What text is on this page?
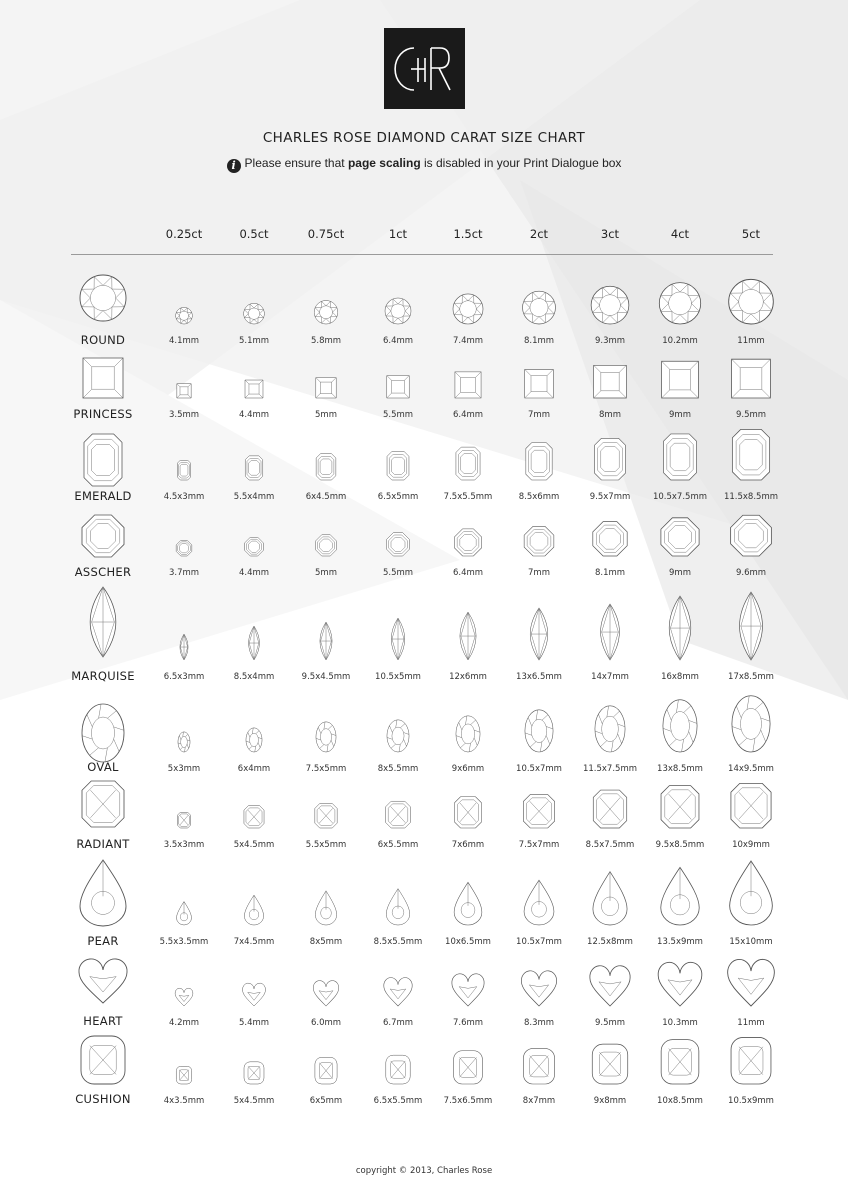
CHARLES ROSE DIAMOND CARAT SIZE CHART
i Please ensure that page scaling is disabled in your Print Dialogue box
0.25ct	0.5ct	0.75ct	1ct	1.5ct	2ct	3ct	4ct	5ct
ROUND	4.1mm	5.1mm	5.8mm	6.4mm	7.4mm	8.1mm	9.3mm	10.2mm	11mm
PRINCESS	3.5mm	4.4mm	5mm	5.5mm	6.4mm	7mm	8mm	9mm	9.5mm
EMERALD	4.5x3mm	5.5x4mm	6x4.5mm	6.5x5mm	7.5x5.5mm	8.5x6mm	9.5x7mm	10.5x7.5mm 11.5x8.5mm
ASSCHER	3.7mm	4.4mm	5mm	5.5mm	6.4mm	7mm	8.1mm	9mm	9.6mm
MARQUISE	6.5x3mm	8.5x4mm	9.5x4.5mm	10.5x5mm	12x6mm	13x6.5mm	14x7mm	16x8mm	17x8.5mm
OVAL	5x3mm	6x4mm	7.5x5mm	8x5.5mm	9x6mm	10.5x7mm 11.5x7.5mm 13x8.5mm	14x9.5mm
RADIANT	3.5x3mm	5x4.5mm	5.5x5mm	6x5.5mm	7x6mm	7.5x7mm	8.5x7.5mm	9.5x8.5mm	10x9mm
PEAR	5.5x3.5mm	7x4.5mm	8x5mm	8.5x5.5mm	10x6.5mm	10.5x7mm	12.5x8mm	13.5x9mm	15x10mm
HEART	4.2mm	5.4mm	6.0mm	6.7mm	7.6mm	8.3mm	9.5mm	10.3mm	11mm
CUSHION	4x3.5mm	5x4.5mm	6x5mm	6.5x5.5mm	7.5x6.5mm	8x7mm	9x8mm	10x8.5mm	10.5x9mm
copyright © 2013, Charles Rose
